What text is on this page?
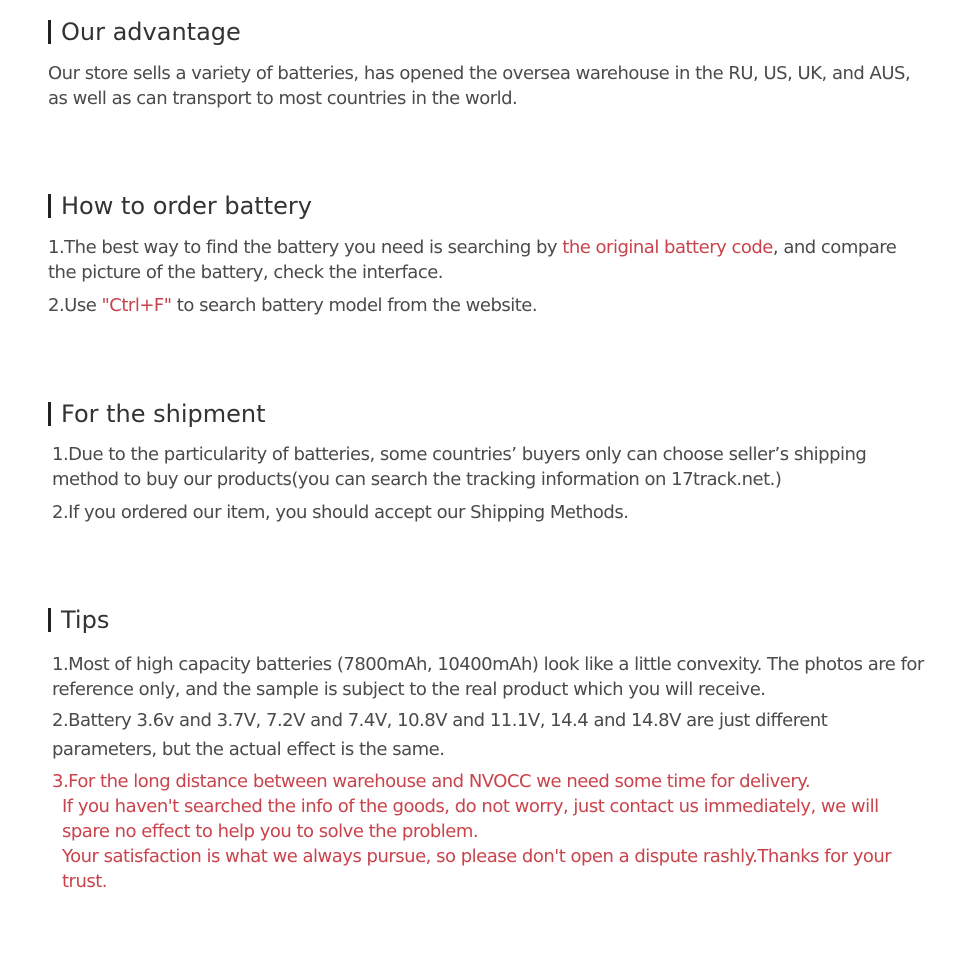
Our advantage

Our store sells a variety of batteries, has opened the oversea warehouse in the RU, US, UK, and AUS, as well as can transport to most countries in the world.

How to order battery

1.The best way to find the battery you need is searching by the original battery code, and compare the picture of the battery, check the interface.

2.Use "Ctrl+F" to search battery model from the website.

For the shipment

1.Due to the particularity of batteries, some countries’ buyers only can choose seller’s shipping method to buy our products(you can search the tracking information on 17track.net.)

2.If you ordered our item, you should accept our Shipping Methods.

Tips

1.Most of high capacity batteries (7800mAh, 10400mAh) look like a little convexity. The photos are for reference only, and the sample is subject to the real product which you will receive.

2.Battery 3.6v and 3.7V, 7.2V and 7.4V, 10.8V and 11.1V, 14.4 and 14.8V are just different parameters, but the actual effect is the same.

3.For the long distance between warehouse and NVOCC we need some time for delivery.

If you haven't searched the info of the goods, do not worry, just contact us immediately, we will spare no effect to help you to solve the problem.

Your satisfaction is what we always pursue, so please don't open a dispute rashly.Thanks for your trust.
